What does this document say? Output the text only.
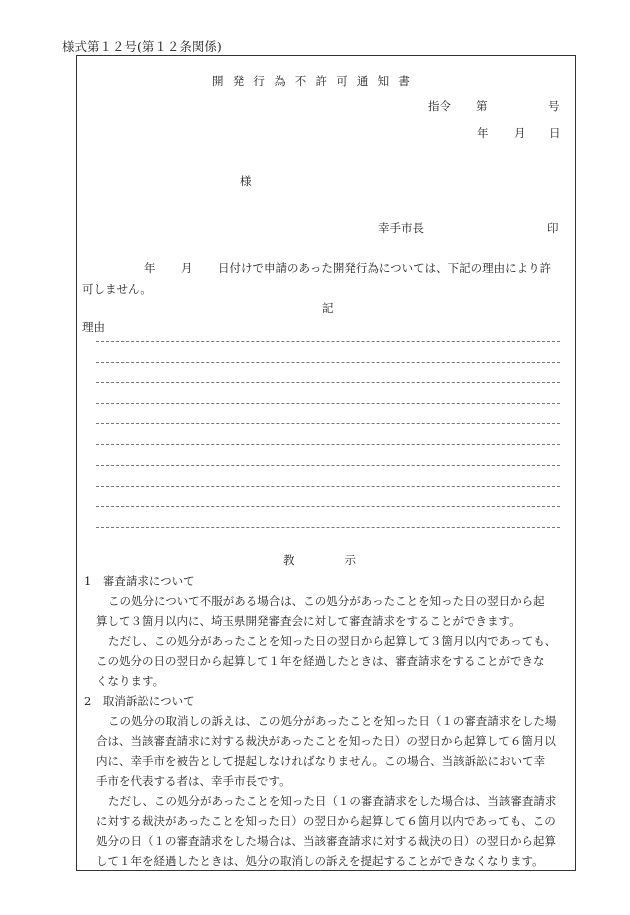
様式第１２号(第１２条関係)
開発行為不許可通知書
指令 第	号
年 月 日
様
幸手市長	印
年 月 日付けで申請のあった開発行為については、下記の理由により許
可しません。
記
理由
教示
1　審査請求について
この処分について不服がある場合は、この処分があったことを知った日の翌日から起
算して３箇月以内に、埼玉県開発審査会に対して審査請求をすることができます。
ただし、この処分があったことを知った日の翌日から起算して３箇月以内であっても、
この処分の日の翌日から起算して１年を経過したときは、審査請求をすることができな
くなります。
2　取消訴訟について
この処分の取消しの訴えは、この処分があったことを知った日（１の審査請求をした場
合は、当該審査請求に対する裁決があったことを知った日）の翌日から起算して６箇月以
内に、幸手市を被告として提起しなければなりません。この場合、当該訴訟において幸
手市を代表する者は、幸手市長です。
ただし、この処分があったことを知った日（１の審査請求をした場合は、当該審査請求
に対する裁決があったことを知った日）の翌日から起算して６箇月以内であっても、この
処分の日（１の審査請求をした場合は、当該審査請求に対する裁決の日）の翌日から起算
して１年を経過したときは、処分の取消しの訴えを提起することができなくなります。
